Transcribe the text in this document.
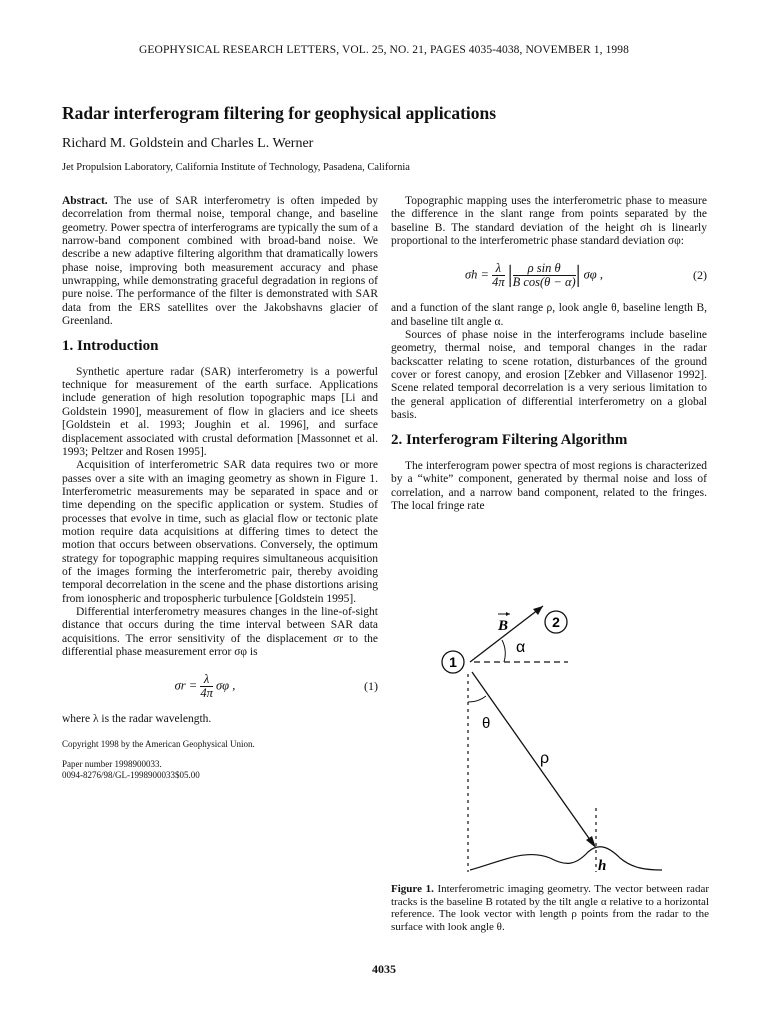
GEOPHYSICAL RESEARCH LETTERS, VOL. 25, NO. 21, PAGES 4035-4038, NOVEMBER 1, 1998
Radar interferogram filtering for geophysical applications
Richard M. Goldstein and Charles L. Werner
Jet Propulsion Laboratory, California Institute of Technology, Pasadena, California

Abstract. The use of SAR interferometry is often impeded by decorrelation from thermal noise, temporal change, and baseline geometry. Power spectra of interferograms are typically the sum of a narrow-band component combined with broad-band noise. We describe a new adaptive filtering algorithm that dramatically lowers phase noise, improving both measurement accuracy and phase unwrapping, while demonstrating graceful degradation in regions of pure noise. The performance of the filter is demonstrated with SAR data from the ERS satellites over the Jakobshavns glacier of Greenland.

1. Introduction

Synthetic aperture radar (SAR) interferometry is a powerful technique for measurement of the earth surface. Applications include generation of high resolution topographic maps [Li and Goldstein 1990], measurement of flow in glaciers and ice sheets [Goldstein et al. 1993; Joughin et al. 1996], and surface displacement associated with crustal deformation [Massonnet et al. 1993; Peltzer and Rosen 1995].

Acquisition of interferometric SAR data requires two or more passes over a site with an imaging geometry as shown in Figure 1. Interferometric measurements may be separated in space and or time depending on the specific application or system. Studies of processes that evolve in time, such as glacial flow or tectonic plate motion require data acquisitions at differing times to detect the motion that occurs between observations. Conversely, the optimum strategy for topographic mapping requires simultaneous acquisition of the images forming the interferometric pair, thereby avoiding temporal decorrelation in the scene and the phase distortions arising from ionospheric and tropospheric turbulence [Goldstein 1995].

Differential interferometry measures changes in the line-of-sight distance that occurs during the time interval between SAR data acquisitions. The error sensitivity of the displacement σr to the differential phase measurement error σφ is

$\sigma r = \frac{\lambda}{4\pi}$ σφ ,	(1)

where λ is the radar wavelength.

Copyright 1998 by the American Geophysical Union.

Paper number 1998900033.

0094-8276/98/GL-1998900033$05.00

Topographic mapping uses the interferometric phase to measure the difference in the slant range from points separated by the baseline B. The standard deviation of the height σh is linearly proportional to the interferometric phase standard deviation σφ:

$\sigma h = \frac{\lambda}{4\pi}$ | $\frac{\text{ρ sin θ}}{\text{B cos(θ − α)}}$ | σφ ,	(2)

and a function of the slant range ρ, look angle θ, baseline length B, and baseline tilt angle α.

Sources of phase noise in the interferograms include baseline geometry, thermal noise, and temporal changes in the radar backscatter relating to scene rotation, disturbances of the ground cover or forest canopy, and erosion [Zebker and Villasenor 1992]. Scene related temporal decorrelation is a very serious limitation to the general application of differential interferometry on a global basis.

2. Interferogram Filtering Algorithm

The interferogram power spectra of most regions is characterized by a “white” component, generated by thermal noise and loss of correlation, and a narrow band component, related to the fringes. The local fringe rate

1
2
B
α
θ
ρ
h
Figure 1. Interferometric imaging geometry. The vector between radar tracks is the baseline B rotated by the tilt angle α relative to a horizontal reference. The look vector with length ρ points from the radar to the surface with look angle θ.
4035
